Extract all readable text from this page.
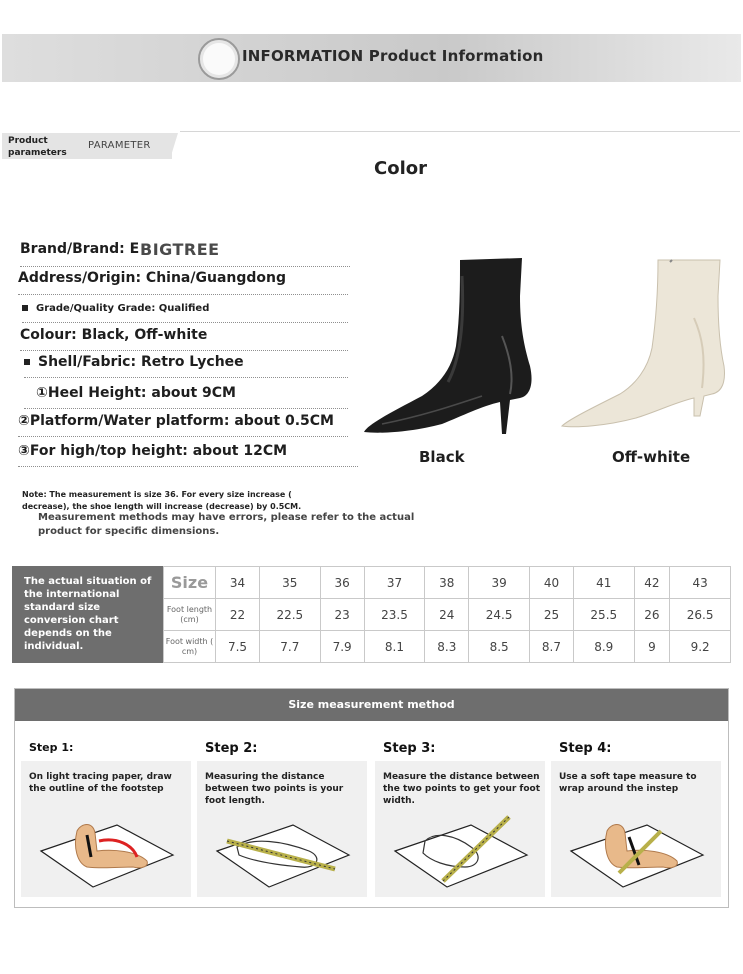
INFORMATION Product Information
Product parameters
PARAMETER
Color
Brand/Brand: E BIGTREE
Address/Origin: China/Guangdong
Grade/Quality Grade: Qualified
Colour: Black, Off-white
Shell/Fabric: Retro Lychee
①Heel Height: about 9CM
②Platform/Water platform: about 0.5CM
③For high/top height: about 12CM	Black	Off-white
Note: The measurement is size 36. For every size increase ( decrease), the shoe length will increase (decrease) by 0.5CM.
Measurement methods may have errors, please refer to the actual product for specific dimensions.
The actual situation of the international standard size conversion chart depends on the individual.
Size	34	35	36	37	38	39	40	41	42	43
Foot length (cm)	22	22.5	23	23.5	24	24.5	25	25.5	26	26.5
Foot width ( cm)	7.5	7.7	7.9	8.1	8.3	8.5	8.7	8.9	9	9.2
Size measurement method
Step 1:
On light tracing paper, draw the outline of the footstep
Step 2:
Measuring the distance between two points is your foot length.
Step 3:
Measure the distance between the two points to get your foot width.
Step 4:
Use a soft tape measure to wrap around the instep
